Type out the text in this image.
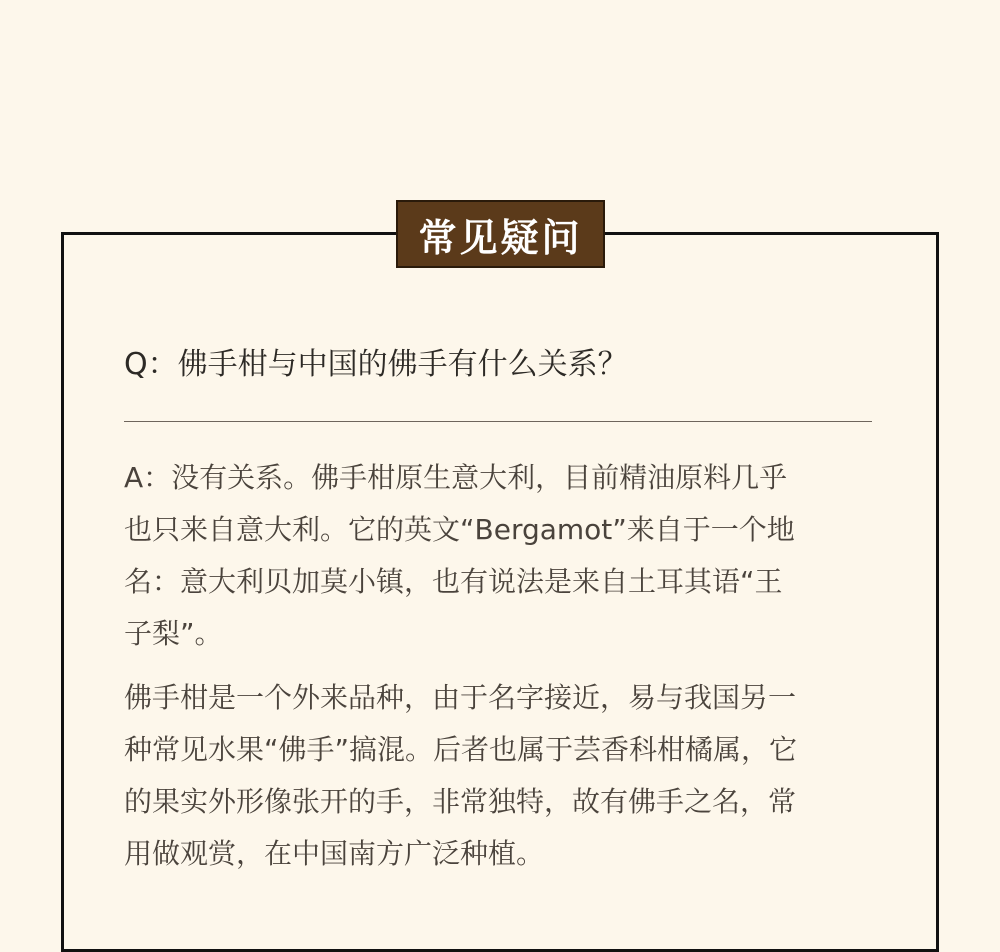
常见疑问
Q：佛手柑与中国的佛手有什么关系？
A：没有关系。佛手柑原生意大利，目前精油原料几乎
也只来自意大利。它的英文“Bergamot”来自于一个地
名：意大利贝加莫小镇，也有说法是来自土耳其语“王
子梨”。
佛手柑是一个外来品种，由于名字接近，易与我国另一
种常见水果“佛手”搞混。后者也属于芸香科柑橘属，它
的果实外形像张开的手，非常独特，故有佛手之名，常
用做观赏，在中国南方广泛种植。
